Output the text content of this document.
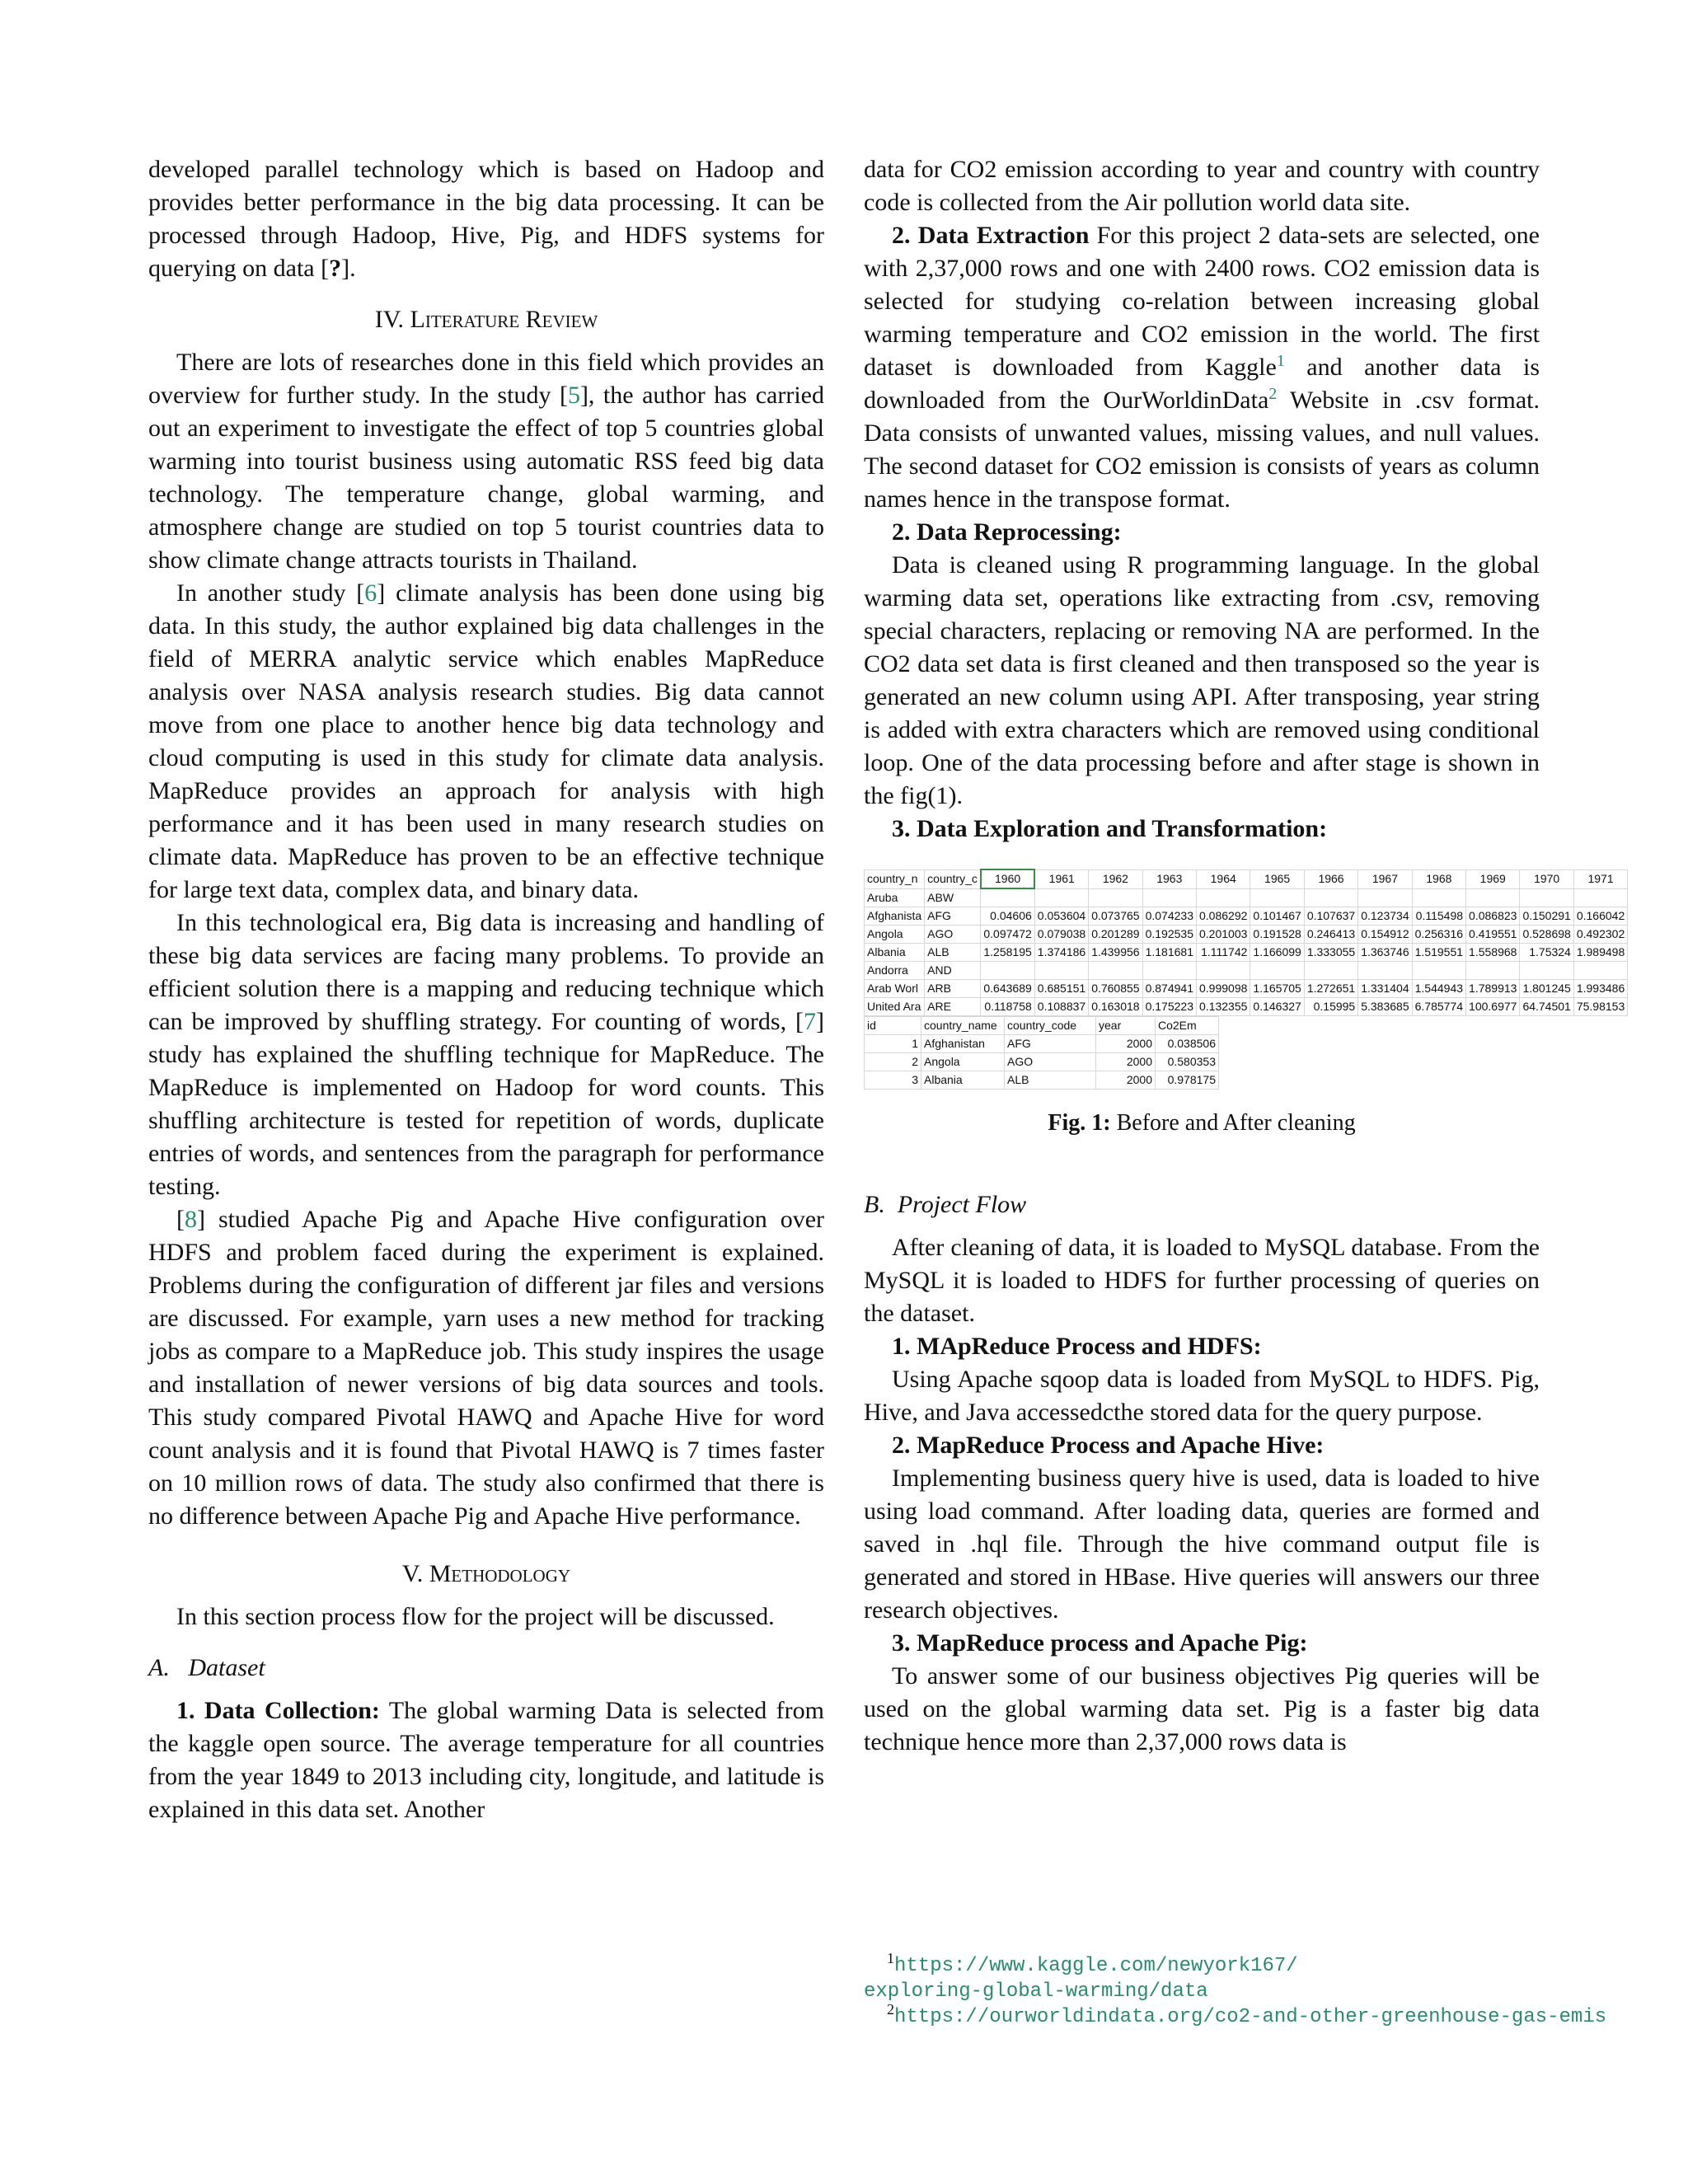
developed parallel technology which is based on Hadoop and provides better performance in the big data processing. It can be processed through Hadoop, Hive, Pig, and HDFS systems for querying on data [?].

IV. Literature Review

There are lots of researches done in this field which provides an overview for further study. In the study [5], the author has carried out an experiment to investigate the effect of top 5 countries global warming into tourist business using automatic RSS feed big data technology. The temperature change, global warming, and atmosphere change are studied on top 5 tourist countries data to show climate change attracts tourists in Thailand.

In another study [6] climate analysis has been done using big data. In this study, the author explained big data challenges in the field of MERRA analytic service which enables MapReduce analysis over NASA analysis research studies. Big data cannot move from one place to another hence big data technology and cloud computing is used in this study for climate data analysis. MapReduce provides an approach for analysis with high performance and it has been used in many research studies on climate data. MapReduce has proven to be an effective technique for large text data, complex data, and binary data.

In this technological era, Big data is increasing and handling of these big data services are facing many problems. To provide an efficient solution there is a mapping and reducing technique which can be improved by shuffling strategy. For counting of words, [7] study has explained the shuffling technique for MapReduce. The MapReduce is implemented on Hadoop for word counts. This shuffling architecture is tested for repetition of words, duplicate entries of words, and sentences from the paragraph for performance testing.

[8] studied Apache Pig and Apache Hive configuration over HDFS and problem faced during the experiment is explained. Problems during the configuration of different jar files and versions are discussed. For example, yarn uses a new method for tracking jobs as compare to a MapReduce job. This study inspires the usage and installation of newer versions of big data sources and tools. This study compared Pivotal HAWQ and Apache Hive for word count analysis and it is found that Pivotal HAWQ is 7 times faster on 10 million rows of data. The study also confirmed that there is no difference between Apache Pig and Apache Hive performance.

V. Methodology

In this section process flow for the project will be discussed.

A. Dataset

1. Data Collection: The global warming Data is selected from the kaggle open source. The average temperature for all countries from the year 1849 to 2013 including city, longitude, and latitude is explained in this data set. Another

data for CO2 emission according to year and country with country code is collected from the Air pollution world data site.

2. Data Extraction For this project 2 data-sets are selected, one with 2,37,000 rows and one with 2400 rows. CO2 emission data is selected for studying co-relation between increasing global warming temperature and CO2 emission in the world. The first dataset is downloaded from Kaggle$^1$ and another data is downloaded from the OurWorldinData$^2$ Website in .csv format. Data consists of unwanted values, missing values, and null values. The second dataset for CO2 emission is consists of years as column names hence in the transpose format.

2. Data Reprocessing:

Data is cleaned using R programming language. In the global warming data set, operations like extracting from .csv, removing special characters, replacing or removing NA are performed. In the CO2 data set data is first cleaned and then transposed so the year is generated an new column using API. After transposing, year string is added with extra characters which are removed using conditional loop. One of the data processing before and after stage is shown in the fig(1).

3. Data Exploration and Transformation:

country_n	country_c	1960	1961	1962	1963	1964	1965	1966	1967	1968	1969	1970	1971
Aruba	ABW												
Afghanista	AFG	0.04606	0.053604	0.073765	0.074233	0.086292	0.101467	0.107637	0.123734	0.115498	0.086823	0.150291	0.166042
Angola	AGO	0.097472	0.079038	0.201289	0.192535	0.201003	0.191528	0.246413	0.154912	0.256316	0.419551	0.528698	0.492302
Albania	ALB	1.258195	1.374186	1.439956	1.181681	1.111742	1.166099	1.333055	1.363746	1.519551	1.558968	1.75324	1.989498
Andorra	AND												
Arab Worl	ARB	0.643689	0.685151	0.760855	0.874941	0.999098	1.165705	1.272651	1.331404	1.544943	1.789913	1.801245	1.993486
United Ara	ARE	0.118758	0.108837	0.163018	0.175223	0.132355	0.146327	0.15995	5.383685	6.785774	100.6977	64.74501	75.98153
id	country_name	country_code	year	Co2Em
1	Afghanistan	AFG	2000	0.038506
2	Angola	AGO	2000	0.580353
3	Albania	ALB	2000	0.978175
Fig. 1: Before and After cleaning
B. Project Flow

After cleaning of data, it is loaded to MySQL database. From the MySQL it is loaded to HDFS for further processing of queries on the dataset.

1. MApReduce Process and HDFS:

Using Apache sqoop data is loaded from MySQL to HDFS. Pig, Hive, and Java accessedcthe stored data for the query purpose.

2. MapReduce Process and Apache Hive:

Implementing business query hive is used, data is loaded to hive using load command. After loading data, queries are formed and saved in .hql file. Through the hive command output file is generated and stored in HBase. Hive queries will answers our three research objectives.

3. MapReduce process and Apache Pig:

To answer some of our business objectives Pig queries will be used on the global warming data set. Pig is a faster big data technique hence more than 2,37,000 rows data is

$^1$https://www.kaggle.com/newyork167/
exploring-global-warming/data
$^2$https://ourworldindata.org/co2-and-other-greenhouse-gas-emis
